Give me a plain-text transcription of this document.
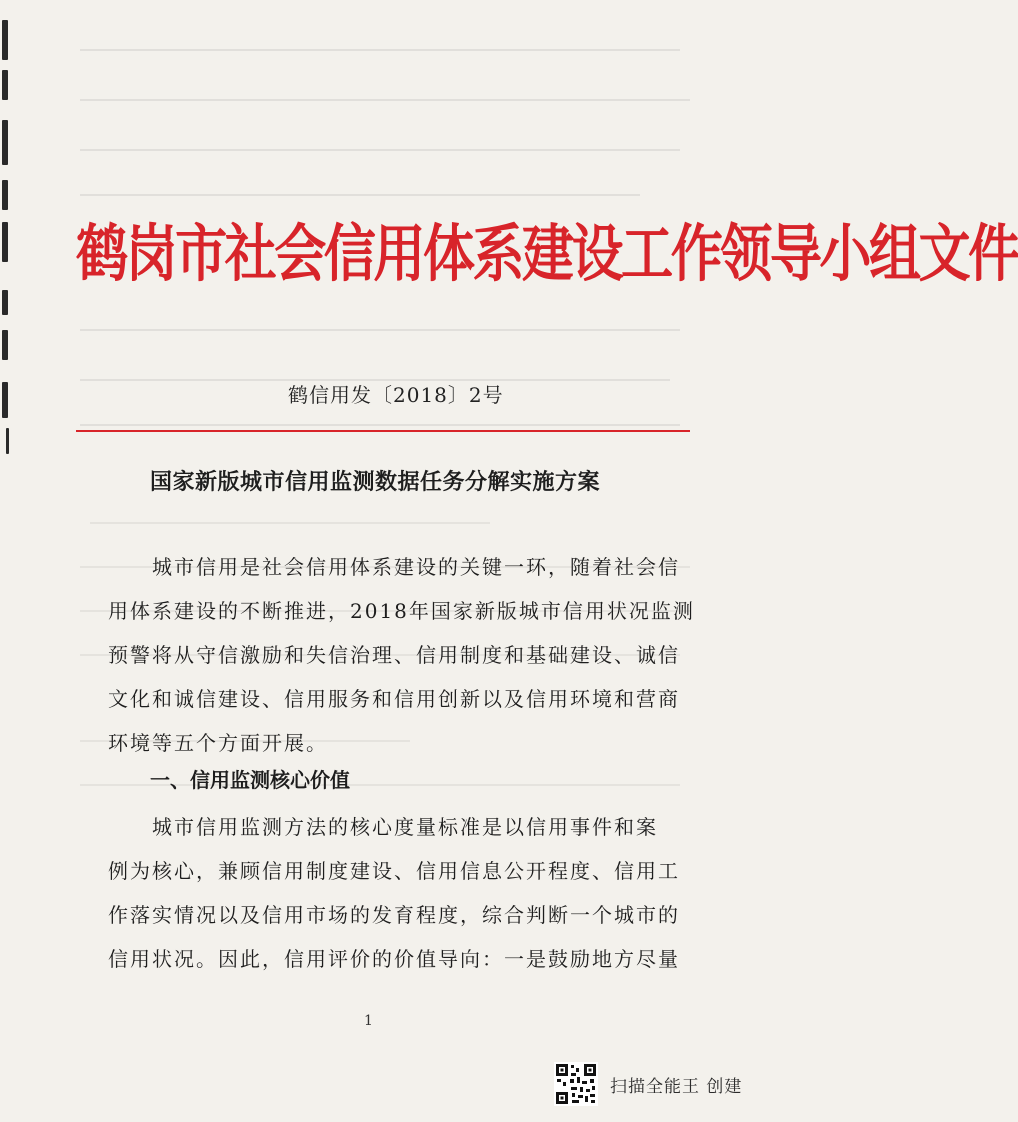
鹤岗市社会信用体系建设工作领导小组文件
鹤信用发〔2018〕2号
国家新版城市信用监测数据任务分解实施方案
城市信用是社会信用体系建设的关键一环，随着社会信
用体系建设的不断推进，2018年国家新版城市信用状况监测
预警将从守信激励和失信治理、信用制度和基础建设、诚信
文化和诚信建设、信用服务和信用创新以及信用环境和营商
环境等五个方面开展。
一、信用监测核心价值
城市信用监测方法的核心度量标准是以信用事件和案
例为核心，兼顾信用制度建设、信用信息公开程度、信用工
作落实情况以及信用市场的发育程度，综合判断一个城市的
信用状况。因此，信用评价的价值导向：一是鼓励地方尽量
1
扫描全能王 创建
